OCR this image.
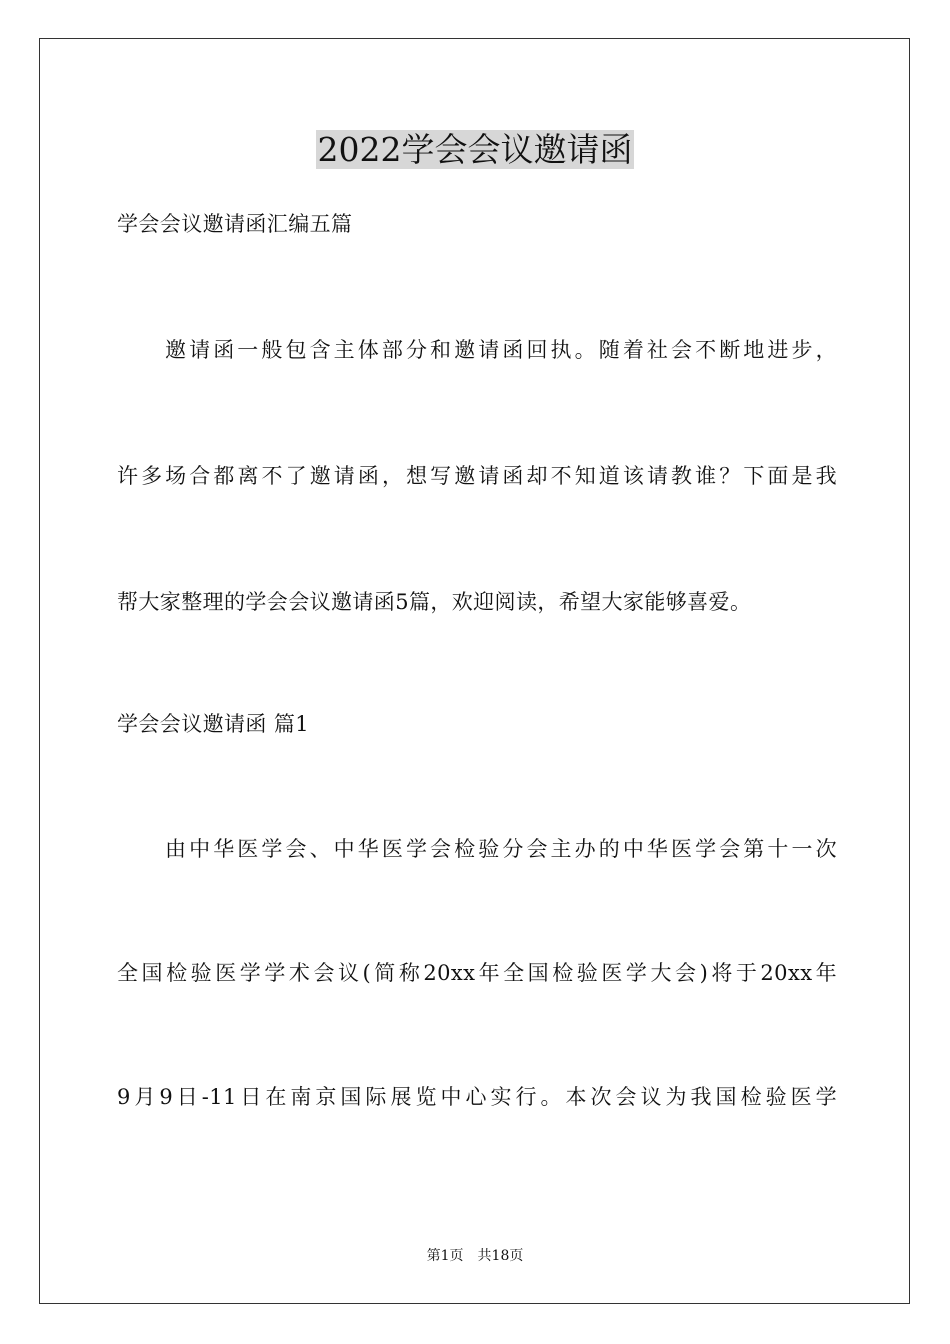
2022学会会议邀请函
学会会议邀请函汇编五篇
邀请函一般包含主体部分和邀请函回执。随着社会不断地进步，
许多场合都离不了邀请函，想写邀请函却不知道该请教谁？下面是我
帮大家整理的学会会议邀请函5篇，欢迎阅读，希望大家能够喜爱。
学会会议邀请函 篇1
由中华医学会、中华医学会检验分会主办的中华医学会第十一次
全国检验医学学术会议(简称20xx年全国检验医学大会)将于20xx年
9月9日-11日在南京国际展览中心实行。本次会议为我国检验医学
第1页 共18页
